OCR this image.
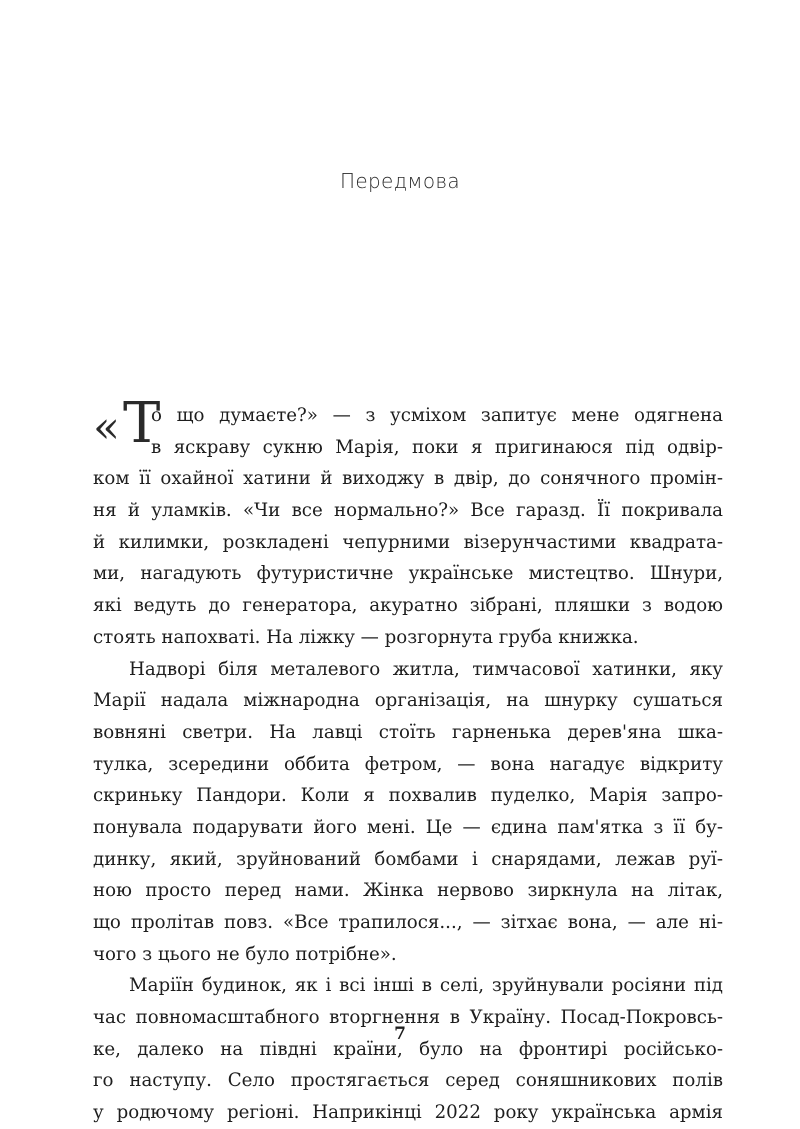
Передмова
« Т
о що думаєте?» — з усміхом запитує мене одягнена
в яскраву сукню Марія, поки я пригинаюся під одвір-
ком її охайної хатини й виходжу в двір, до сонячного промін-
ня й уламків. «Чи все нормально?» Все гаразд. Її покривала
й килимки, розкладені чепурними візерунчастими квадрата-
ми, нагадують футуристичне українське мистецтво. Шнури,
які ведуть до генератора, акуратно зібрані, пляшки з водою
стоять напохваті. На ліжку — розгорнута груба книжка.
Надворі біля металевого житла, тимчасової хатинки, яку
Марії надала міжнародна організація, на шнурку сушаться
вовняні светри. На лавці стоїть гарненька дерев'яна шка-
тулка, зсередини оббита фетром, — вона нагадує відкриту
скриньку Пандори. Коли я похвалив пуделко, Марія запро-
понувала подарувати його мені. Це — єдина пам'ятка з її бу-
динку, який, зруйнований бомбами і снарядами, лежав руї-
ною просто перед нами. Жінка нервово зиркнула на літак,
що пролітав повз. «Все трапилося..., — зітхає вона, — але ні-
чого з цього не було потрібне».
Маріїн будинок, як і всі інші в селі, зруйнували росіяни під
час повномасштабного вторгнення в Україну. Посад-Покровсь-
ке, далеко на півдні країни, було на фронтирі російсько-
го наступу. Село простягається серед соняшникових полів
у родючому регіоні. Наприкінці 2022 року українська армія
7
